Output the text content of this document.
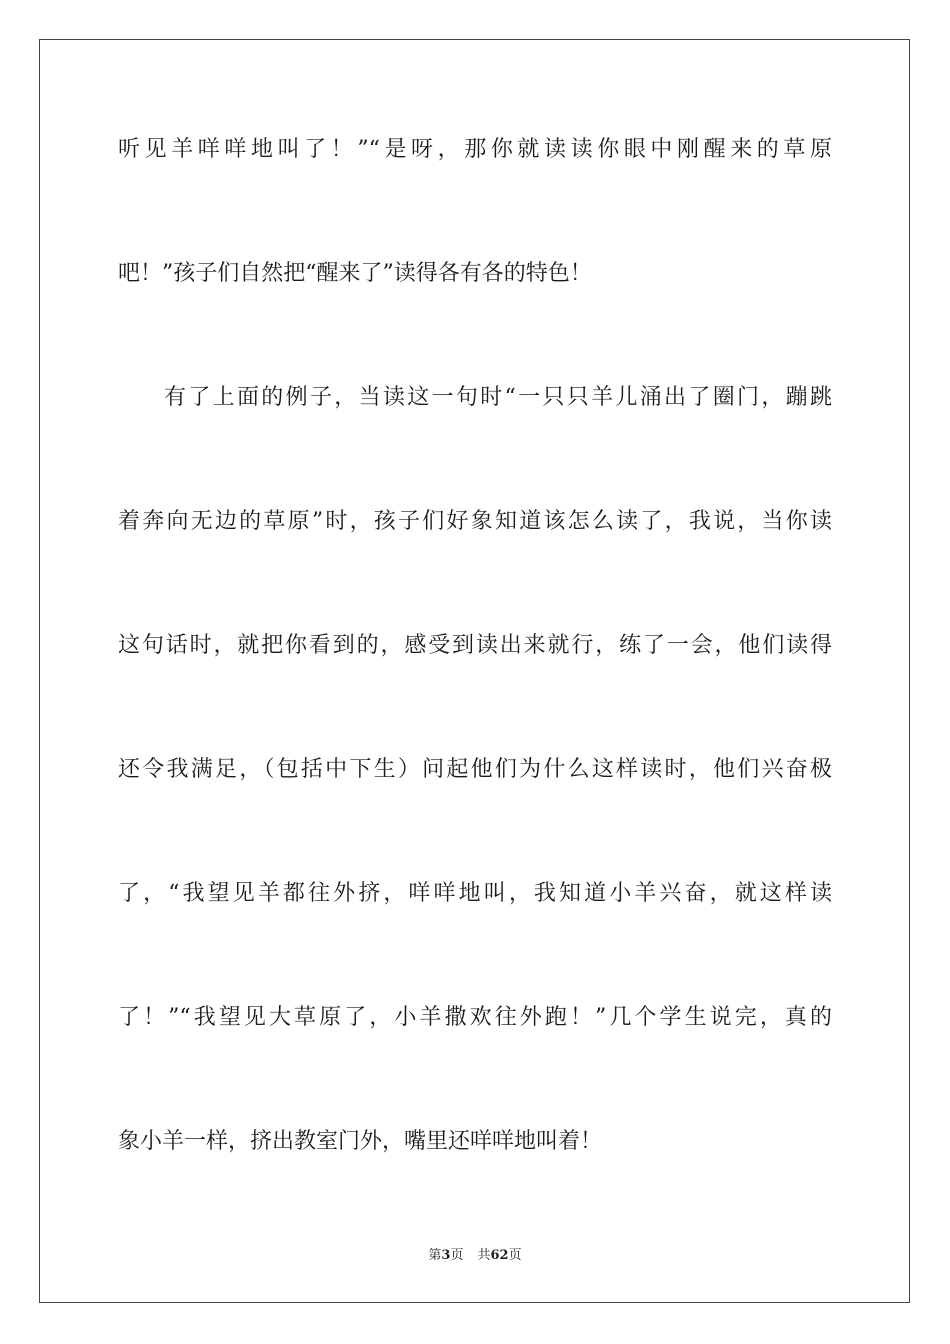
听见羊咩咩地叫了！”“是呀，那你就读读你眼中刚醒来的草原
吧！”孩子们自然把“醒来了”读得各有各的特色！
有了上面的例子，当读这一句时“一只只羊儿涌出了圈门，蹦跳
着奔向无边的草原”时，孩子们好象知道该怎么读了，我说，当你读
这句话时，就把你看到的，感受到读出来就行，练了一会，他们读得
还令我满足，（包括中下生）问起他们为什么这样读时，他们兴奋极
了，“我望见羊都往外挤，咩咩地叫，我知道小羊兴奋，就这样读
了！”“我望见大草原了，小羊撒欢往外跑！”几个学生说完，真的
象小羊一样，挤出教室门外，嘴里还咩咩地叫着！
第3页 共62页
